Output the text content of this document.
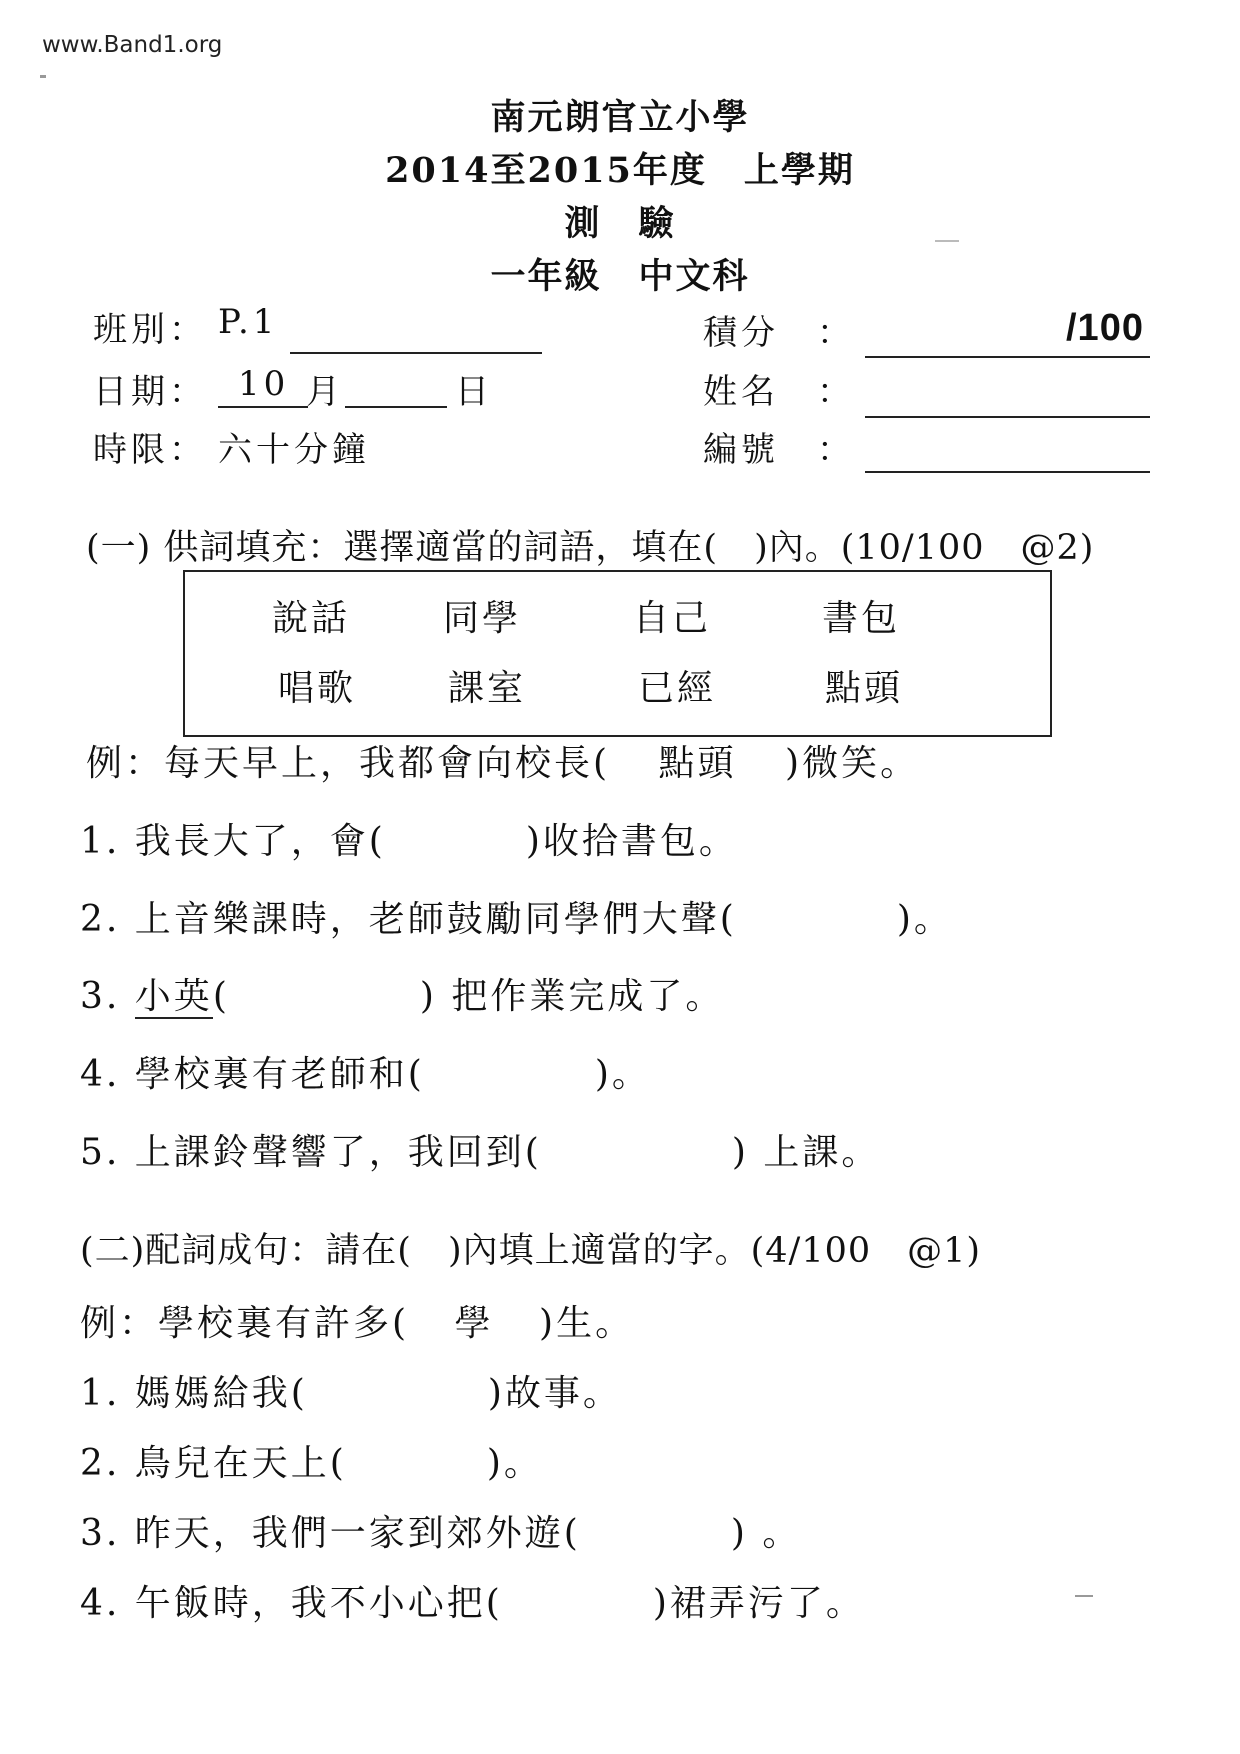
www.Band1.org
南元朗官立小學
2014至2015年度　上學期
測　驗
一年級　中文科
班別： P.1
日期： 10 月	日
時限： 六十分鐘
積分　：	/100
姓名　：
編號　：
(一) 供詞填充：選擇適當的詞語，填在(　)內。(10/100　@2)
說話	同學	自己	書包
唱歌	課室	已經	點頭
例：每天早上，我都會向校長( 點頭 )微笑。
1. 我長大了，會(	)收拾書包。
2. 上音樂課時，老師鼓勵同學們大聲(	)。
3. 小英(	) 把作業完成了。
4. 學校裏有老師和(	)。
5. 上課鈴聲響了，我回到(	) 上課。
(二)配詞成句：請在(　)內填上適當的字。(4/100　@1)
例：學校裏有許多( 學 )生。
1. 媽媽給我(	)故事。
2. 鳥兒在天上(	)。
3. 昨天，我們一家到郊外遊(	) 。
4. 午飯時，我不小心把(	)裙弄污了。
